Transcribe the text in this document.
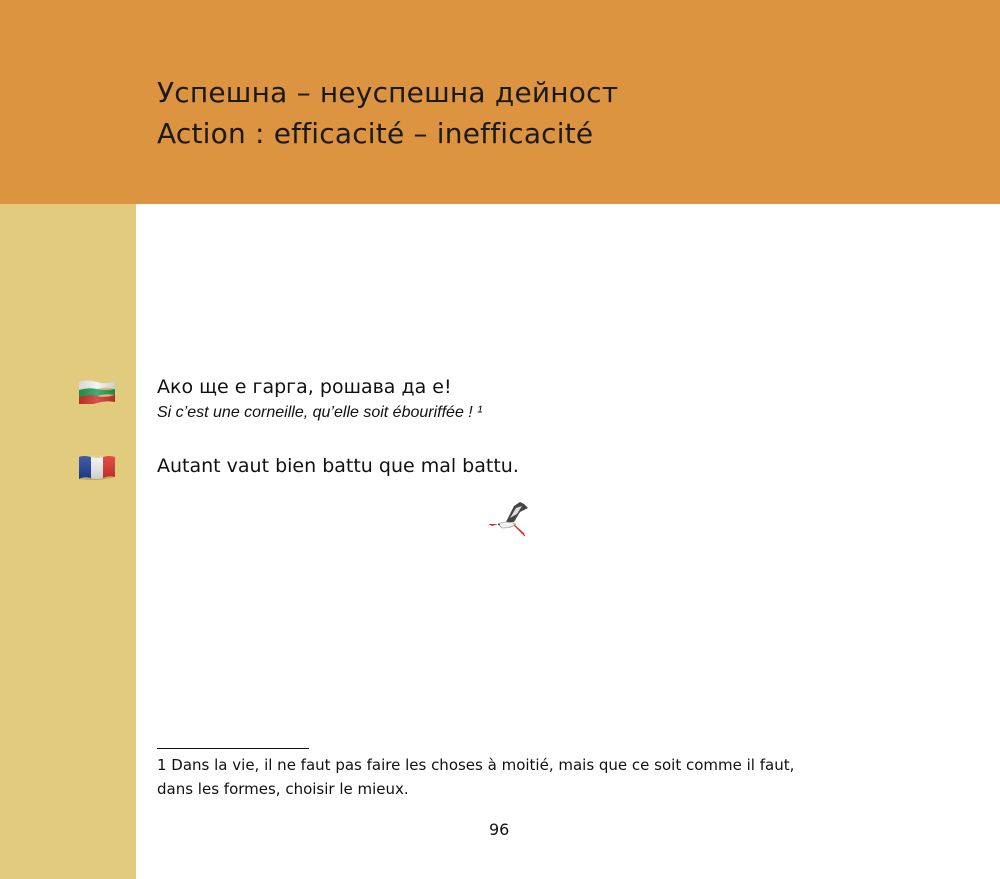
Успешна – неуспешна дейност
Action : efficacité – inefficacité
Ако ще е гарга, рошава да е!
Si c’est une corneille, qu’elle soit ébouriffée ! ¹
Autant vaut bien battu que mal battu.
1 Dans la vie, il ne faut pas faire les choses à moitié, mais que ce soit comme il faut,
dans les formes, choisir le mieux.
96
